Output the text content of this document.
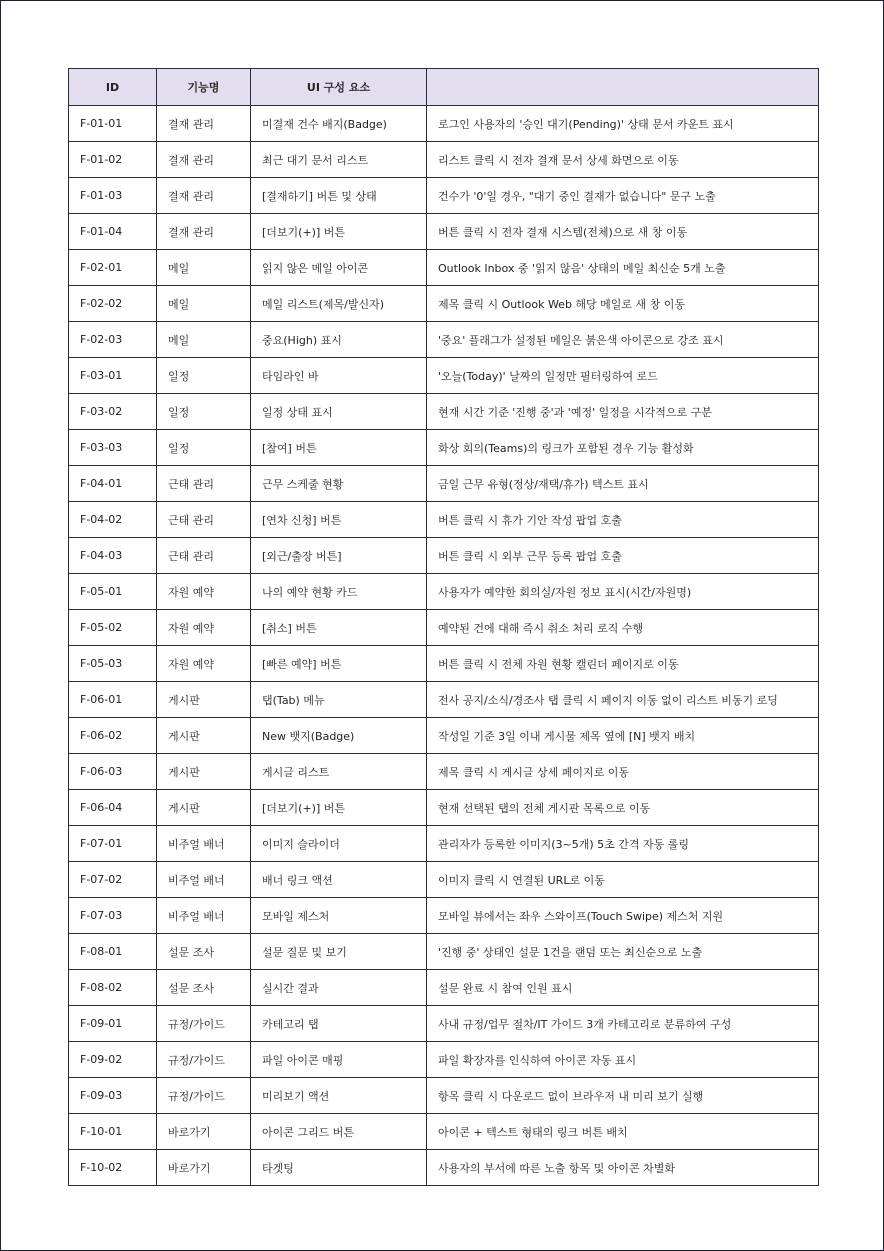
ID	기능명	UI 구성 요소	
F-01-01	결재 관리	미결재 건수 배지(Badge)	로그인 사용자의 '승인 대기(Pending)' 상태 문서 카운트 표시
F-01-02	결재 관리	최근 대기 문서 리스트	리스트 클릭 시 전자 결재 문서 상세 화면으로 이동
F-01-03	결재 관리	[결재하기] 버튼 및 상태	건수가 '0'일 경우, "대기 중인 결재가 없습니다" 문구 노출
F-01-04	결재 관리	[더보기(+)] 버튼	버튼 클릭 시 전자 결재 시스템(전체)으로 새 창 이동
F-02-01	메일	읽지 않은 메일 아이콘	Outlook Inbox 중 '읽지 않음' 상태의 메일 최신순 5개 노출
F-02-02	메일	메일 리스트(제목/발신자)	제목 클릭 시 Outlook Web 해당 메일로 새 창 이동
F-02-03	메일	중요(High) 표시	'중요' 플래그가 설정된 메일은 붉은색 아이콘으로 강조 표시
F-03-01	일정	타임라인 바	'오늘(Today)' 날짜의 일정만 필터링하여 로드
F-03-02	일정	일정 상태 표시	현재 시간 기준 '진행 중'과 '예정' 일정을 시각적으로 구분
F-03-03	일정	[참여] 버튼	화상 회의(Teams)의 링크가 포함된 경우 기능 활성화
F-04-01	근태 관리	근무 스케줄 현황	금일 근무 유형(정상/재택/휴가) 텍스트 표시
F-04-02	근태 관리	[연차 신청] 버튼	버튼 클릭 시 휴가 기안 작성 팝업 호출
F-04-03	근태 관리	[외근/출장 버튼]	버튼 클릭 시 외부 근무 등록 팝업 호출
F-05-01	자원 예약	나의 예약 현황 카드	사용자가 예약한 회의실/자원 정보 표시(시간/자원명)
F-05-02	자원 예약	[취소] 버튼	예약된 건에 대해 즉시 취소 처리 로직 수행
F-05-03	자원 예약	[빠른 예약] 버튼	버튼 클릭 시 전체 자원 현황 캘린더 페이지로 이동
F-06-01	게시판	탭(Tab) 메뉴	전사 공지/소식/경조사 탭 클릭 시 페이지 이동 없이 리스트 비동기 로딩
F-06-02	게시판	New 뱃지(Badge)	작성일 기준 3일 이내 게시물 제목 옆에 [N] 뱃지 배치
F-06-03	게시판	게시글 리스트	제목 클릭 시 게시글 상세 페이지로 이동
F-06-04	게시판	[더보기(+)] 버튼	현재 선택된 탭의 전체 게시판 목록으로 이동
F-07-01	비주얼 배너	이미지 슬라이더	관리자가 등록한 이미지(3~5개) 5초 간격 자동 롤링
F-07-02	비주얼 배너	배너 링크 액션	이미지 클릭 시 연결된 URL로 이동
F-07-03	비주얼 배너	모바일 제스처	모바일 뷰에서는 좌우 스와이프(Touch Swipe) 제스처 지원
F-08-01	설문 조사	설문 질문 및 보기	'진행 중' 상태인 설문 1건을 랜덤 또는 최신순으로 노출
F-08-02	설문 조사	실시간 결과	설문 완료 시 참여 인원 표시
F-09-01	규정/가이드	카테고리 탭	사내 규정/업무 절차/IT 가이드 3개 카테고리로 분류하여 구성
F-09-02	규정/가이드	파일 아이콘 매핑	파일 확장자를 인식하여 아이콘 자동 표시
F-09-03	규정/가이드	미리보기 액션	항목 클릭 시 다운로드 없이 브라우저 내 미리 보기 실행
F-10-01	바로가기	아이콘 그리드 버튼	아이콘 + 텍스트 형태의 링크 버튼 배치
F-10-02	바로가기	타겟팅	사용자의 부서에 따른 노출 항목 및 아이콘 차별화
